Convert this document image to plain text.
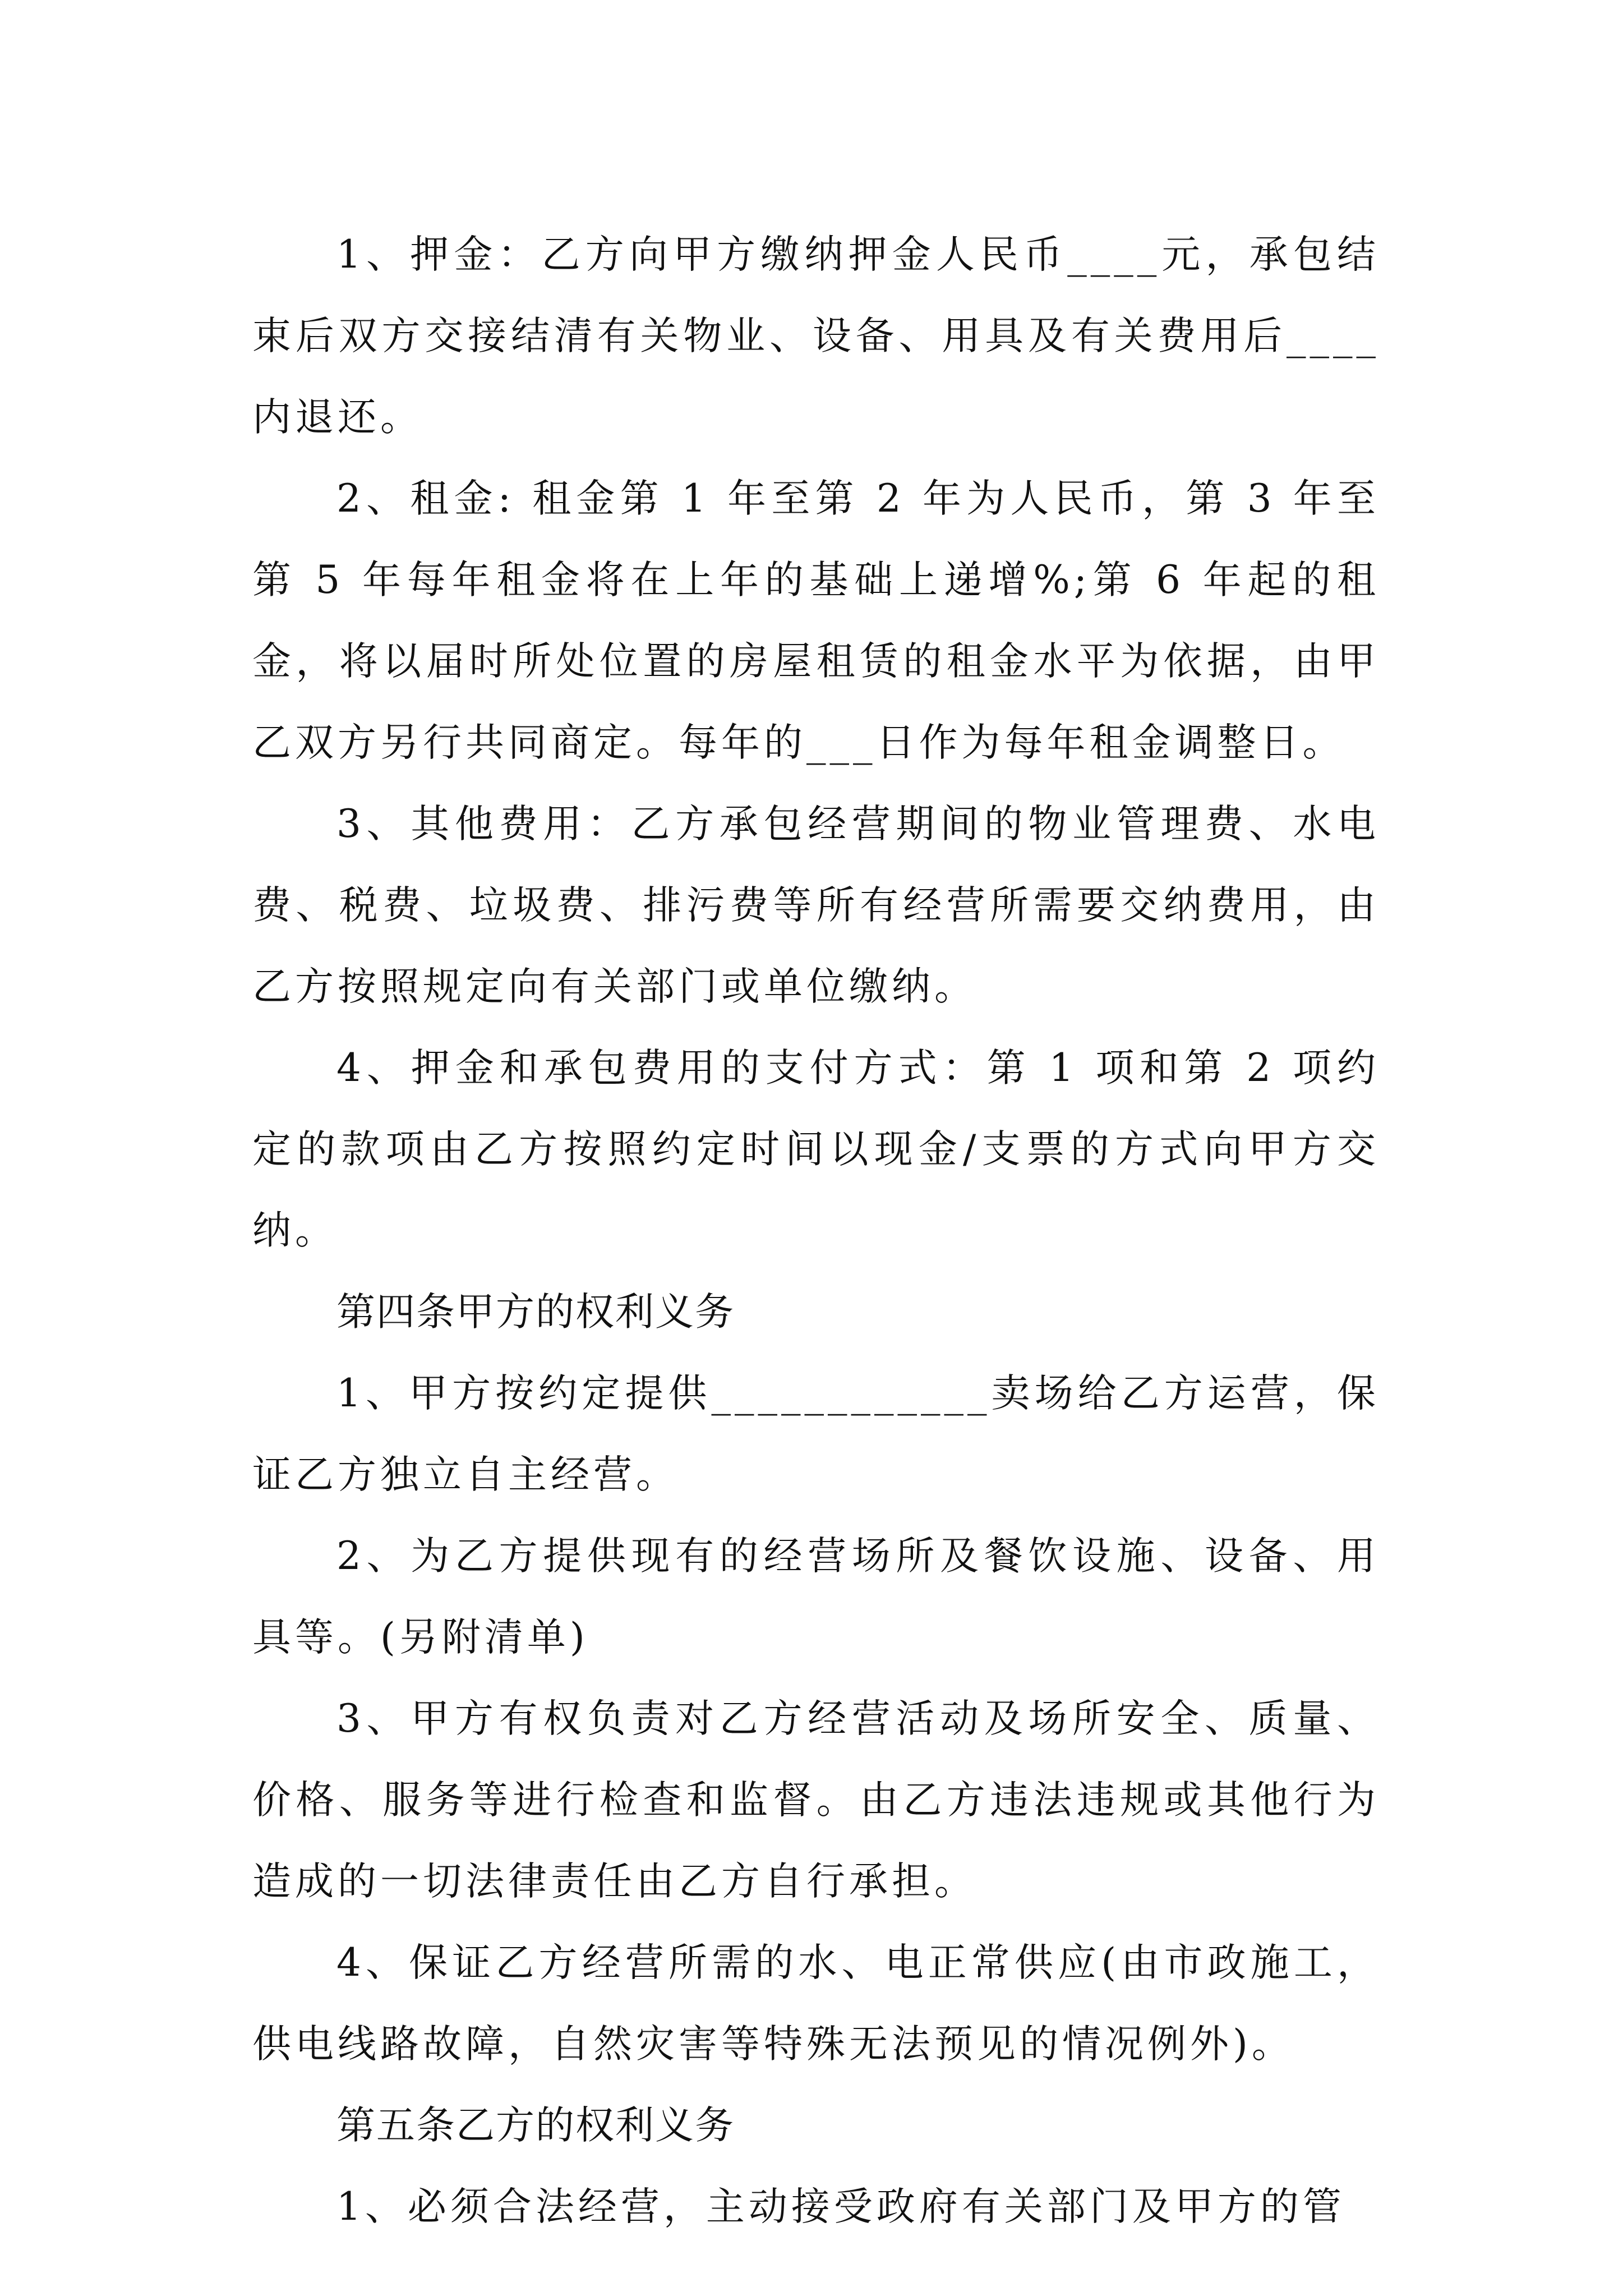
1、押金：乙方向甲方缴纳押金人民币____元，承包结束后双方交接结清有关物业、设备、用具及有关费用后____内退还。

2、租金: 租金第 1 年至第 2 年为人民币，第 3 年至第 5 年每年租金将在上年的基础上递增%;第 6 年起的租金，将以届时所处位置的房屋租赁的租金水平为依据，由甲乙双方另行共同商定。每年的___日作为每年租金调整日。

3、其他费用：乙方承包经营期间的物业管理费、水电费、税费、垃圾费、排污费等所有经营所需要交纳费用，由乙方按照规定向有关部门或单位缴纳。

4、押金和承包费用的支付方式：第 1 项和第 2 项约定的款项由乙方按照约定时间以现金/支票的方式向甲方交纳。

第四条甲方的权利义务

1、甲方按约定提供____________卖场给乙方运营，保证乙方独立自主经营。

2、为乙方提供现有的经营场所及餐饮设施、设备、用具等。(另附清单)

3、甲方有权负责对乙方经营活动及场所安全、质量、价格、服务等进行检查和监督。由乙方违法违规或其他行为造成的一切法律责任由乙方自行承担。

4、保证乙方经营所需的水、电正常供应(由市政施工，供电线路故障，自然灾害等特殊无法预见的情况例外)。

第五条乙方的权利义务

1、必须合法经营，主动接受政府有关部门及甲方的管
